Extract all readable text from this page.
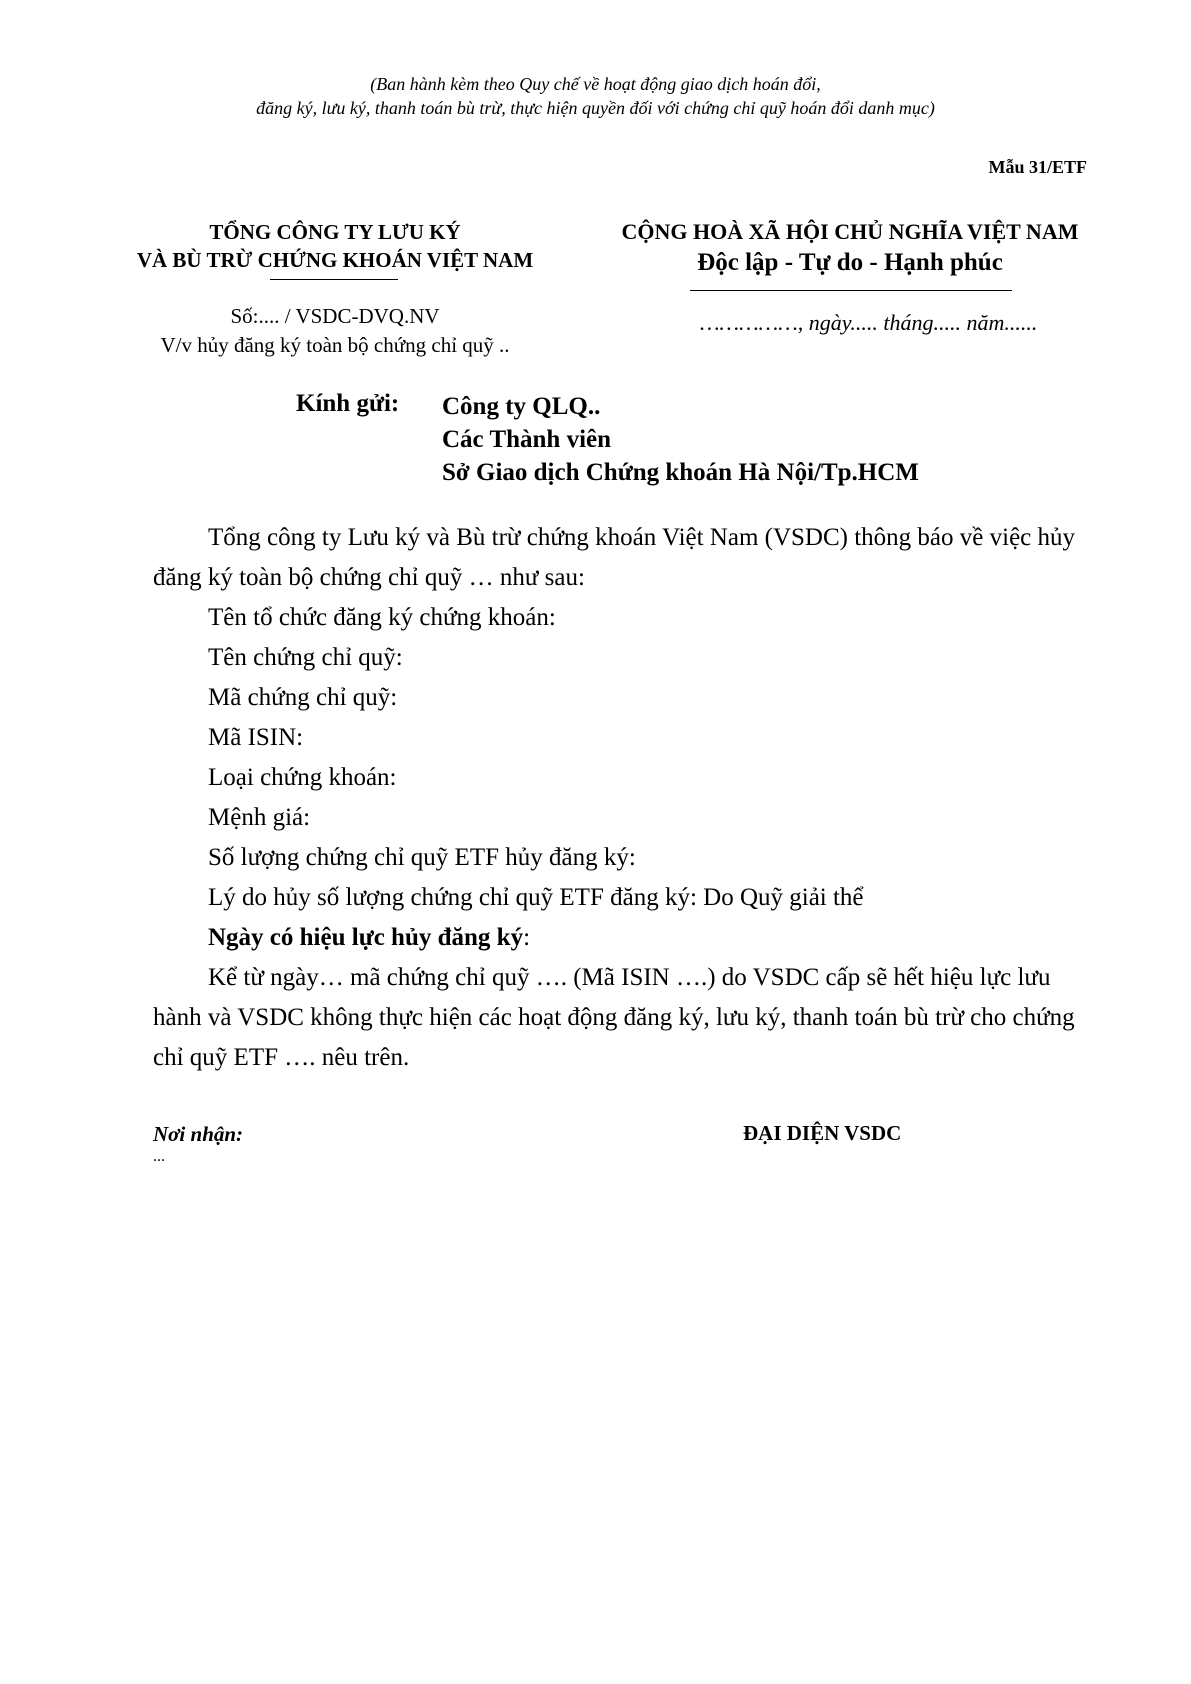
(Ban hành kèm theo Quy chế về hoạt động giao dịch hoán đổi,
đăng ký, lưu ký, thanh toán bù trừ, thực hiện quyền đối với chứng chỉ quỹ hoán đổi danh mục)
Mẫu 31/ETF
TỔNG CÔNG TY LƯU KÝ
VÀ BÙ TRỪ CHỨNG KHOÁN VIỆT NAM
Số:.... / VSDC-DVQ.NV
V/v hủy đăng ký toàn bộ chứng chỉ quỹ ..
CỘNG HOÀ XÃ HỘI CHỦ NGHĨA VIỆT NAM
Độc lập - Tự do - Hạnh phúc
……………, ngày..... tháng..... năm......
Kính gửi: Công ty QLQ..
Các Thành viên
Sở Giao dịch Chứng khoán Hà Nội/Tp.HCM

Tổng công ty Lưu ký và Bù trừ chứng khoán Việt Nam (VSDC) thông báo về việc hủy đăng ký toàn bộ chứng chỉ quỹ … như sau:

Tên tổ chức đăng ký chứng khoán:

Tên chứng chỉ quỹ:

Mã chứng chỉ quỹ:

Mã ISIN:

Loại chứng khoán:

Mệnh giá:

Số lượng chứng chỉ quỹ ETF hủy đăng ký:

Lý do hủy số lượng chứng chỉ quỹ ETF đăng ký: Do Quỹ giải thể

Ngày có hiệu lực hủy đăng ký:

Kể từ ngày… mã chứng chỉ quỹ …. (Mã ISIN ….) do VSDC cấp sẽ hết hiệu lực lưu hành và VSDC không thực hiện các hoạt động đăng ký, lưu ký, thanh toán bù trừ cho chứng chỉ quỹ ETF …. nêu trên.

Nơi nhận:
...
ĐẠI DIỆN VSDC
